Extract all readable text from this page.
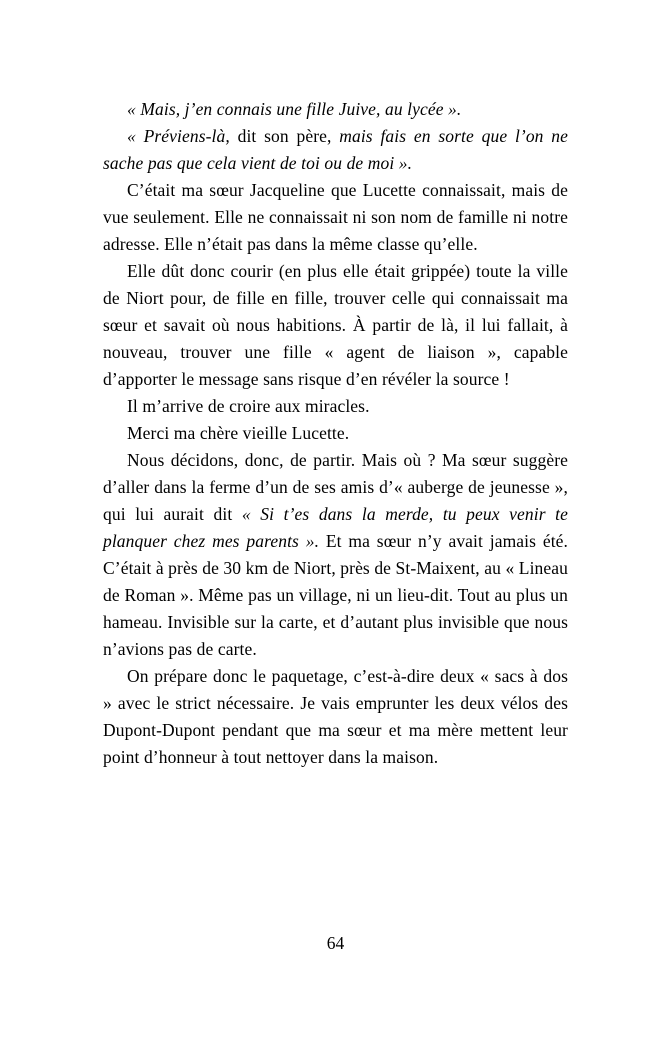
« Mais, j’en connais une fille Juive, au lycée ».

« Préviens-là, dit son père, mais fais en sorte que l’on ne sache pas que cela vient de toi ou de moi ».

C’était ma sœur Jacqueline que Lucette connaissait, mais de vue seulement. Elle ne connaissait ni son nom de famille ni notre adresse. Elle n’était pas dans la même classe qu’elle.

Elle dût donc courir (en plus elle était grippée) toute la ville de Niort pour, de fille en fille, trouver celle qui connaissait ma sœur et savait où nous habitions. À partir de là, il lui fallait, à nouveau, trouver une fille « agent de liaison », capable d’apporter le message sans risque d’en révéler la source !

Il m’arrive de croire aux miracles.

Merci ma chère vieille Lucette.

Nous décidons, donc, de partir. Mais où ? Ma sœur suggère d’aller dans la ferme d’un de ses amis d’« auberge de jeunesse », qui lui aurait dit « Si t’es dans la merde, tu peux venir te planquer chez mes parents ». Et ma sœur n’y avait jamais été. C’était à près de 30 km de Niort, près de St-Maixent, au « Lineau de Roman ». Même pas un village, ni un lieu-dit. Tout au plus un hameau. Invisible sur la carte, et d’autant plus invisible que nous n’avions pas de carte.

On prépare donc le paquetage, c’est-à-dire deux « sacs à dos » avec le strict nécessaire. Je vais emprunter les deux vélos des Dupont-Dupont pendant que ma sœur et ma mère mettent leur point d’honneur à tout nettoyer dans la maison.

64
